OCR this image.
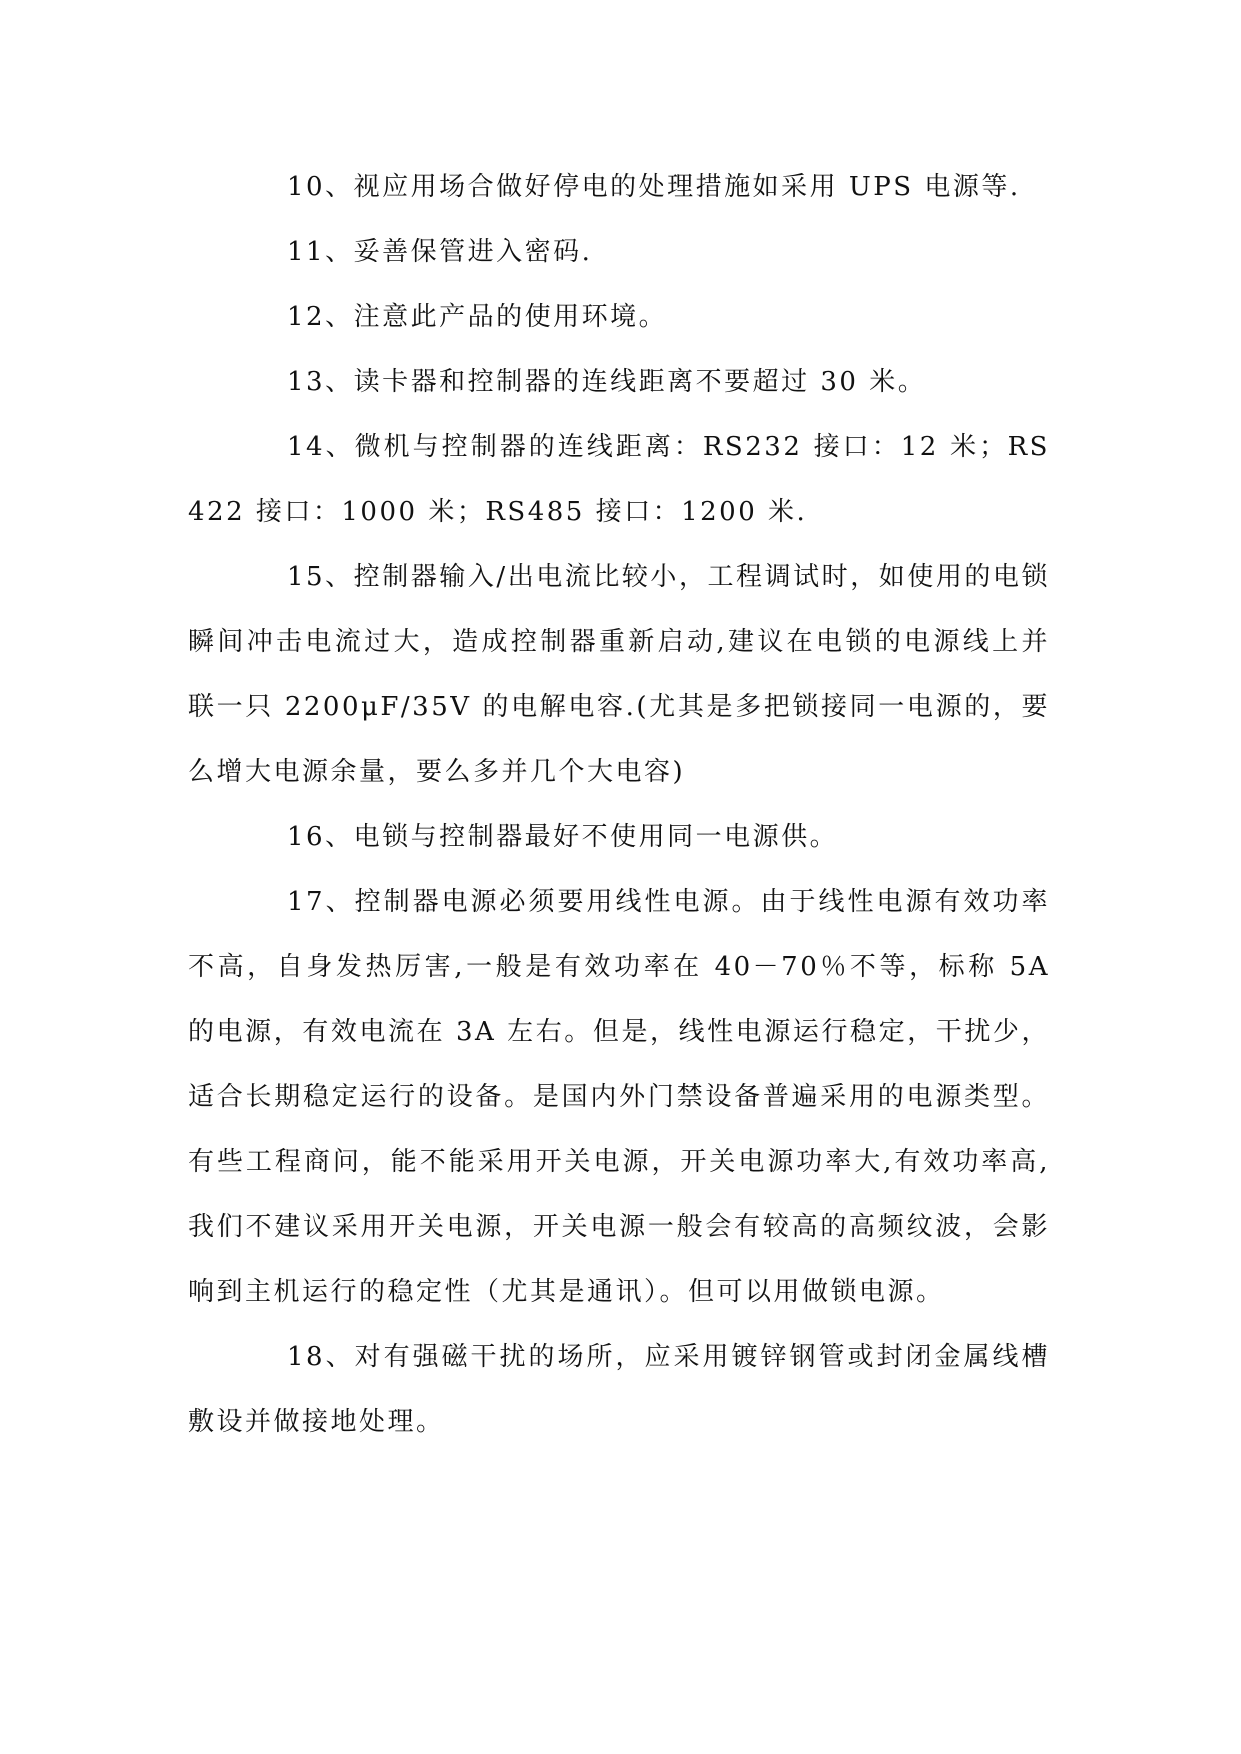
10、视应用场合做好停电的处理措施如采用 UPS 电源等.

11、妥善保管进入密码.

12、注意此产品的使用环境。

13、读卡器和控制器的连线距离不要超过 30 米。

14、微机与控制器的连线距离：RS232 接口：12 米；RS422 接口：1000 米；RS485 接口：1200 米.

15、控制器输入/出电流比较小，工程调试时，如使用的电锁瞬间冲击电流过大，造成控制器重新启动,建议在电锁的电源线上并联一只 2200μF/35V 的电解电容.(尤其是多把锁接同一电源的，要么增大电源余量，要么多并几个大电容)

16、电锁与控制器最好不使用同一电源供。

17、控制器电源必须要用线性电源。由于线性电源有效功率不高，自身发热厉害,一般是有效功率在 40－70％不等，标称 5A 的电源，有效电流在 3A 左右。但是，线性电源运行稳定，干扰少，适合长期稳定运行的设备。是国内外门禁设备普遍采用的电源类型。有些工程商问，能不能采用开关电源，开关电源功率大,有效功率高,我们不建议采用开关电源，开关电源一般会有较高的高频纹波，会影响到主机运行的稳定性（尤其是通讯）。但可以用做锁电源。

18、对有强磁干扰的场所，应采用镀锌钢管或封闭金属线槽敷设并做接地处理。
